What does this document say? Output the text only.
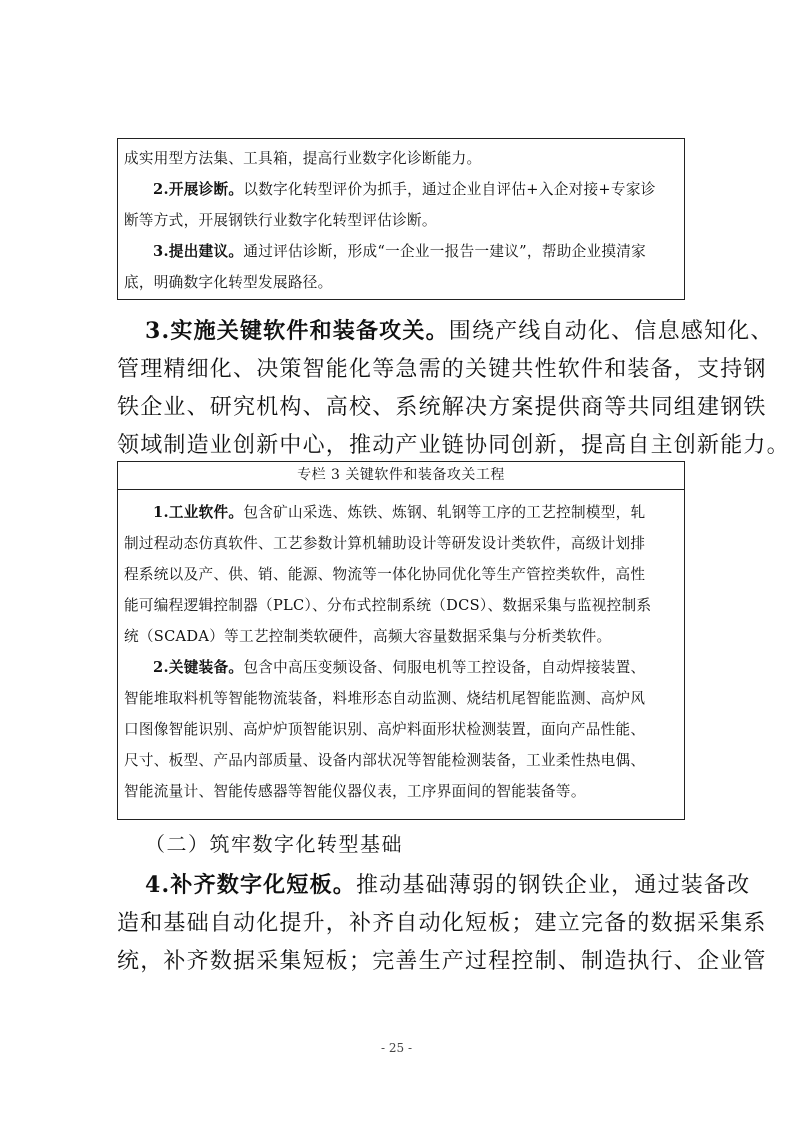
成实用型方法集、工具箱，提高行业数字化诊断能力。
2.开展诊断。以数字化转型评价为抓手，通过企业自评估+入企对接+专家诊
断等方式，开展钢铁行业数字化转型评估诊断。
3.提出建议。通过评估诊断，形成“一企业一报告一建议”，帮助企业摸清家
底，明确数字化转型发展路径。
3.实施关键软件和装备攻关。围绕产线自动化、信息感知化、
管理精细化、决策智能化等急需的关键共性软件和装备，支持钢
铁企业、研究机构、高校、系统解决方案提供商等共同组建钢铁
领域制造业创新中心，推动产业链协同创新，提高自主创新能力。
专栏 3 关键软件和装备攻关工程
1.工业软件。包含矿山采选、炼铁、炼钢、轧钢等工序的工艺控制模型，轧
制过程动态仿真软件、工艺参数计算机辅助设计等研发设计类软件，高级计划排
程系统以及产、供、销、能源、物流等一体化协同优化等生产管控类软件，高性
能可编程逻辑控制器（PLC）、分布式控制系统（DCS）、数据采集与监视控制系
统（SCADA）等工艺控制类软硬件，高频大容量数据采集与分析类软件。
2.关键装备。包含中高压变频设备、伺服电机等工控设备，自动焊接装置、
智能堆取料机等智能物流装备，料堆形态自动监测、烧结机尾智能监测、高炉风
口图像智能识别、高炉炉顶智能识别、高炉料面形状检测装置，面向产品性能、
尺寸、板型、产品内部质量、设备内部状况等智能检测装备，工业柔性热电偶、
智能流量计、智能传感器等智能仪器仪表，工序界面间的智能装备等。
（二）筑牢数字化转型基础
4.补齐数字化短板。推动基础薄弱的钢铁企业，通过装备改
造和基础自动化提升，补齐自动化短板；建立完备的数据采集系
统，补齐数据采集短板；完善生产过程控制、制造执行、企业管
- 25 -
